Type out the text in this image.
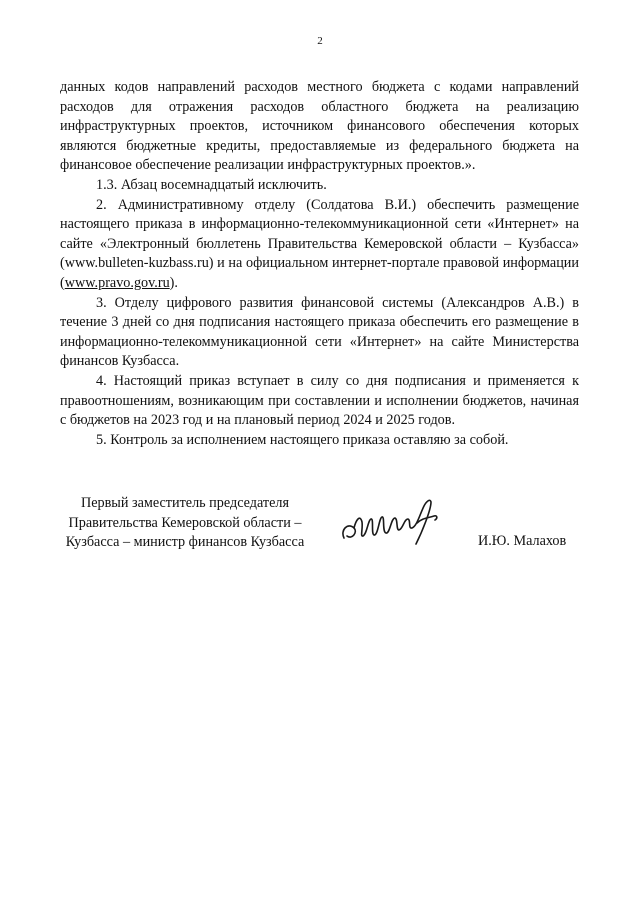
2

данных кодов направлений расходов местного бюджета с кодами направлений расходов для отражения расходов областного бюджета на реализацию инфраструктурных проектов, источником финансового обеспечения которых являются бюджетные кредиты, предоставляемые из федерального бюджета на финансовое обеспечение реализации инфраструктурных проектов.».

1.3. Абзац восемнадцатый исключить.

2. Административному отделу (Солдатова В.И.) обеспечить размещение настоящего приказа в информационно-телекоммуникационной сети «Интернет» на сайте «Электронный бюллетень Правительства Кемеровской области – Кузбасса» (www.bulleten-kuzbass.ru) и на официальном интернет-портале правовой информации (www.pravo.gov.ru).

3. Отделу цифрового развития финансовой системы (Александров А.В.) в течение 3 дней со дня подписания настоящего приказа обеспечить его размещение в информационно-телекоммуникационной сети «Интернет» на сайте Министерства финансов Кузбасса.

4. Настоящий приказ вступает в силу со дня подписания и применяется к правоотношениям, возникающим при составлении и исполнении бюджетов, начиная с бюджетов на 2023 год и на плановый период 2024 и 2025 годов.

5. Контроль за исполнением настоящего приказа оставляю за собой.

Первый заместитель председателя
Правительства Кемеровской области –
Кузбасса – министр финансов Кузбасса	И.Ю. Малахов
